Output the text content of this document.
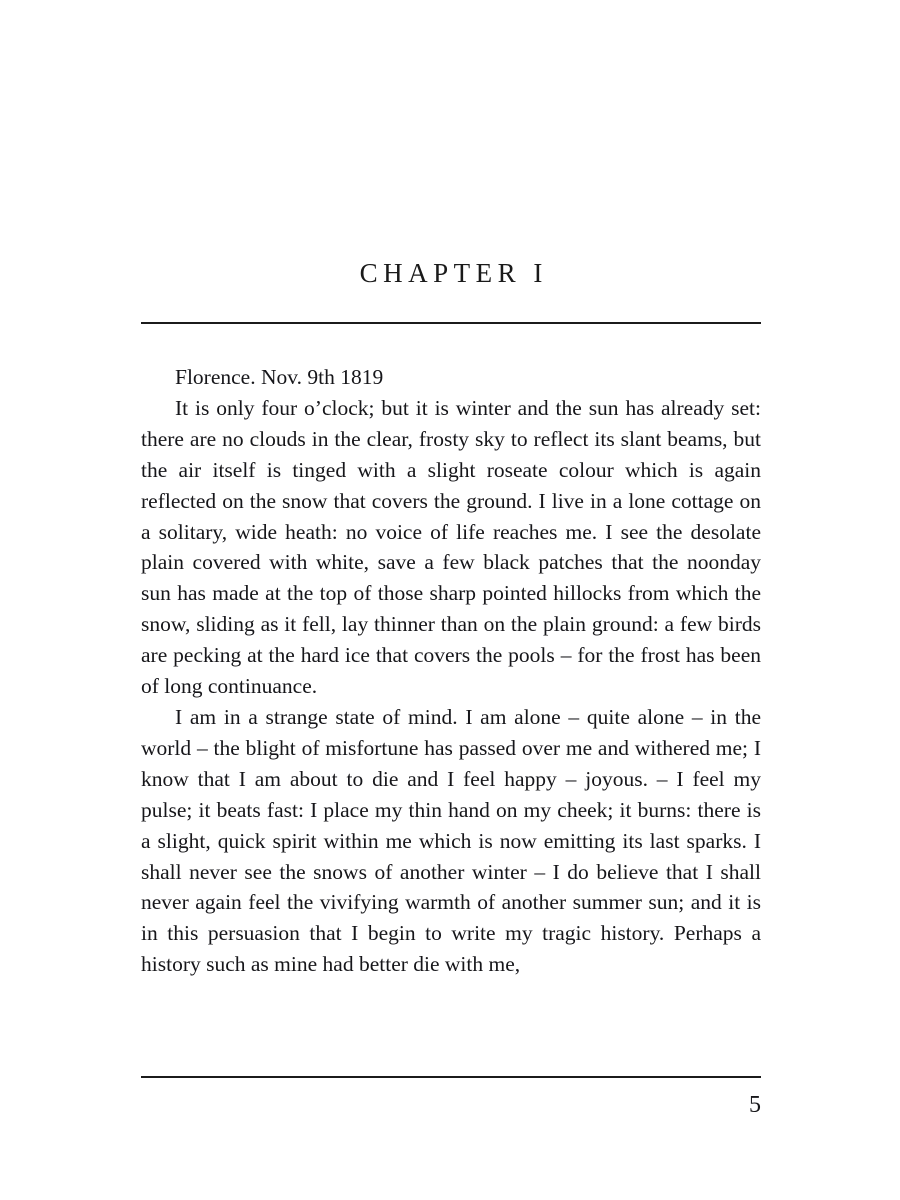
CHAPTER I

Florence. Nov. 9th 1819

It is only four o’clock; but it is winter and the sun has already set: there are no clouds in the clear, frosty sky to reflect its slant beams, but the air itself is tinged with a slight roseate colour which is again reflected on the snow that covers the ground. I live in a lone cottage on a solitary, wide heath: no voice of life reaches me. I see the desolate plain covered with white, save a few black patches that the noonday sun has made at the top of those sharp pointed hillocks from which the snow, sliding as it fell, lay thinner than on the plain ground: a few birds are pecking at the hard ice that covers the pools – for the frost has been of long continuance.

I am in a strange state of mind. I am alone – quite alone – in the world – the blight of misfortune has passed over me and withered me; I know that I am about to die and I feel happy – joyous. – I feel my pulse; it beats fast: I place my thin hand on my cheek; it burns: there is a slight, quick spirit within me which is now emitting its last sparks. I shall never see the snows of another winter – I do believe that I shall never again feel the vivifying warmth of another summer sun; and it is in this persuasion that I begin to write my tragic history. Perhaps a history such as mine had better die with me,

5
